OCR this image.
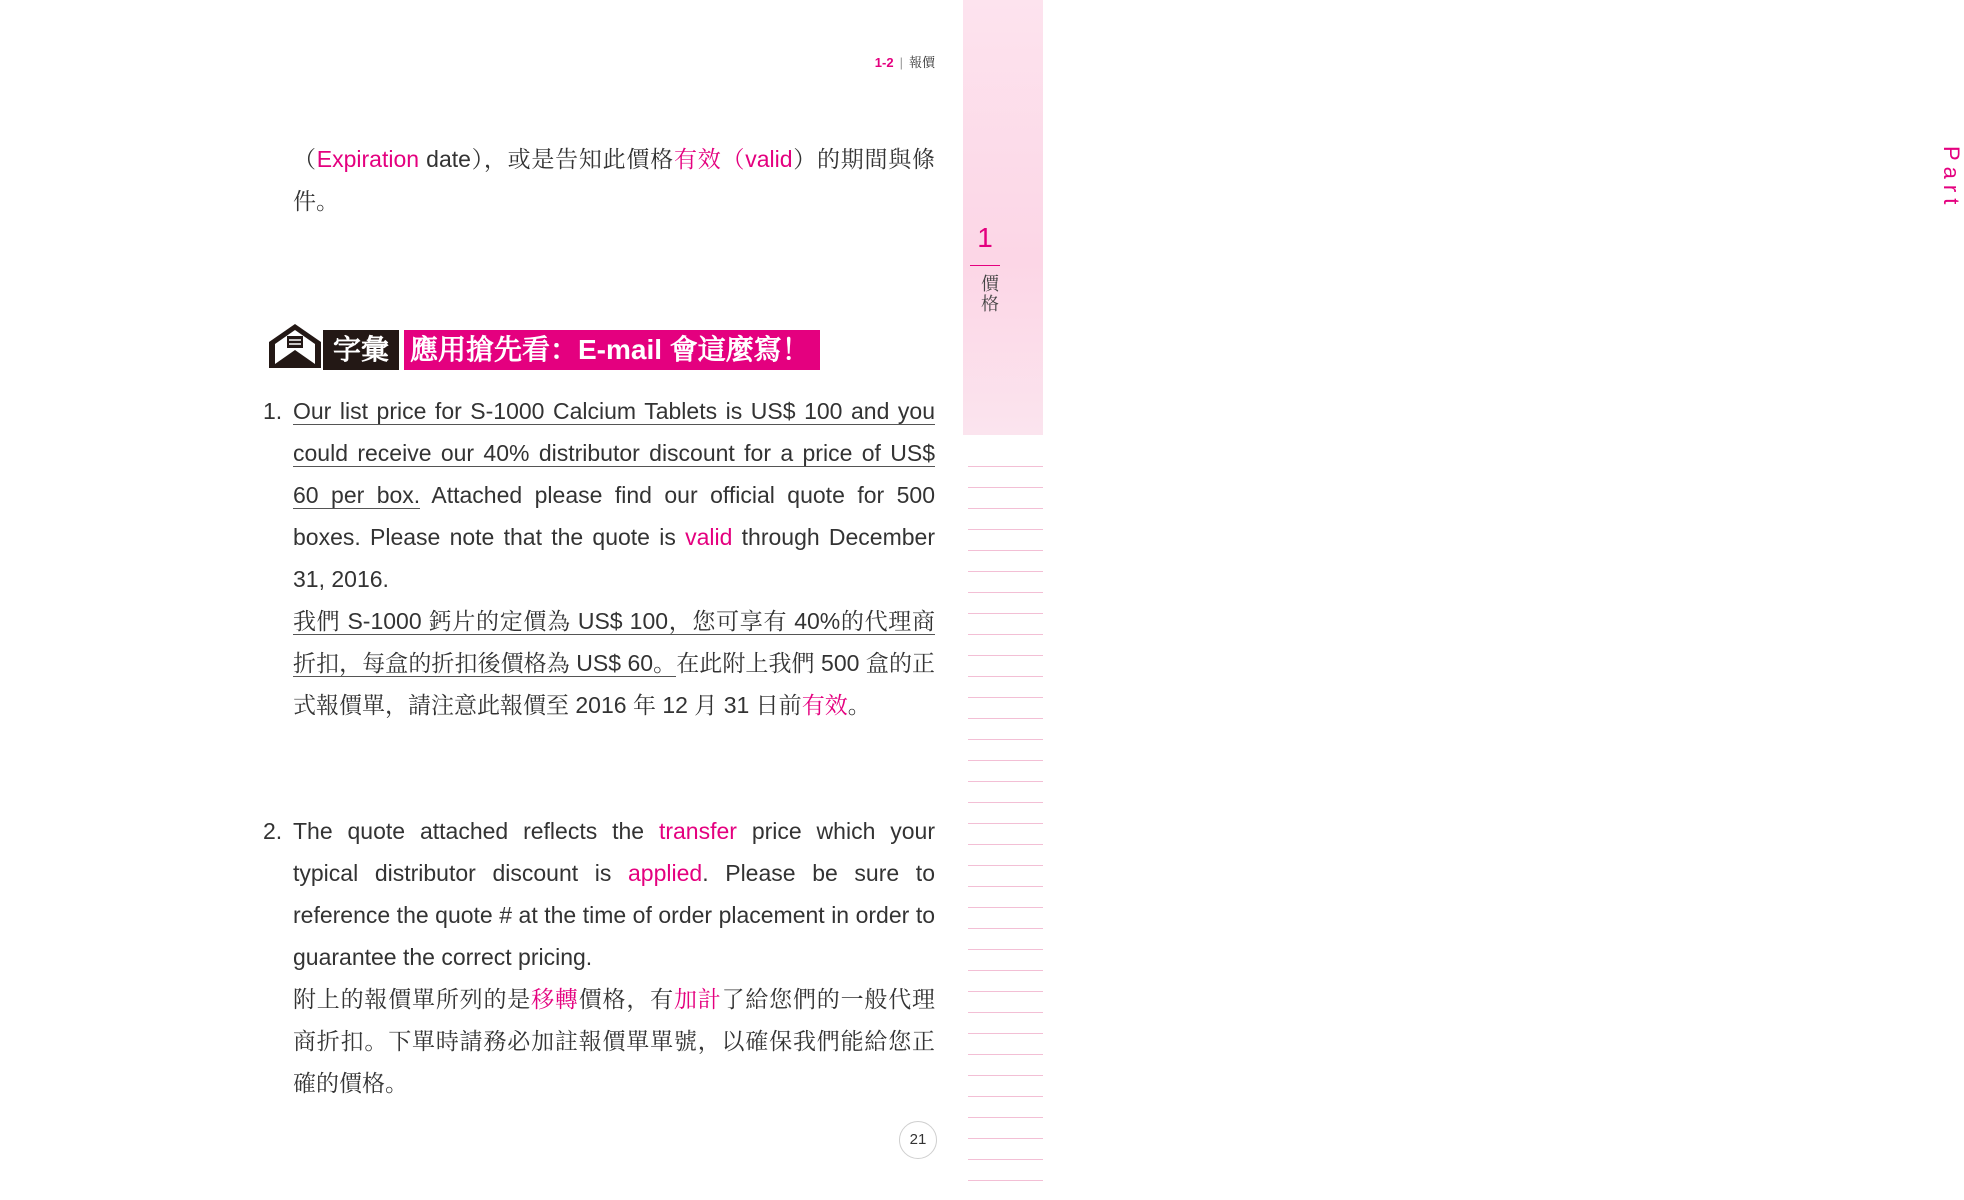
1-2 | 報價
Part
1
價格

（Expiration date），或是告知此價格有效（valid）的期間與條件。

字彙 應用搶先看：E-mail 會這麼寫！
1. Our list price for S-1000 Calcium Tablets is US$ 100 and you could receive our 40% distributor discount for a price of US$ 60 per box. Attached please find our official quote for 500 boxes. Please note that the quote is valid through December 31, 2016.

我們 S-1000 鈣片的定價為 US$ 100，您可享有 40%的代理商折扣，每盒的折扣後價格為 US$ 60。在此附上我們 500 盒的正式報價單，請注意此報價至 2016 年 12 月 31 日前有效。

2. The quote attached reflects the transfer price which your typical distributor discount is applied. Please be sure to reference the quote # at the time of order placement in order to guarantee the correct pricing.

附上的報價單所列的是移轉價格，有加計了給您們的一般代理商折扣。下單時請務必加註報價單單號，以確保我們能給您正確的價格。

21
